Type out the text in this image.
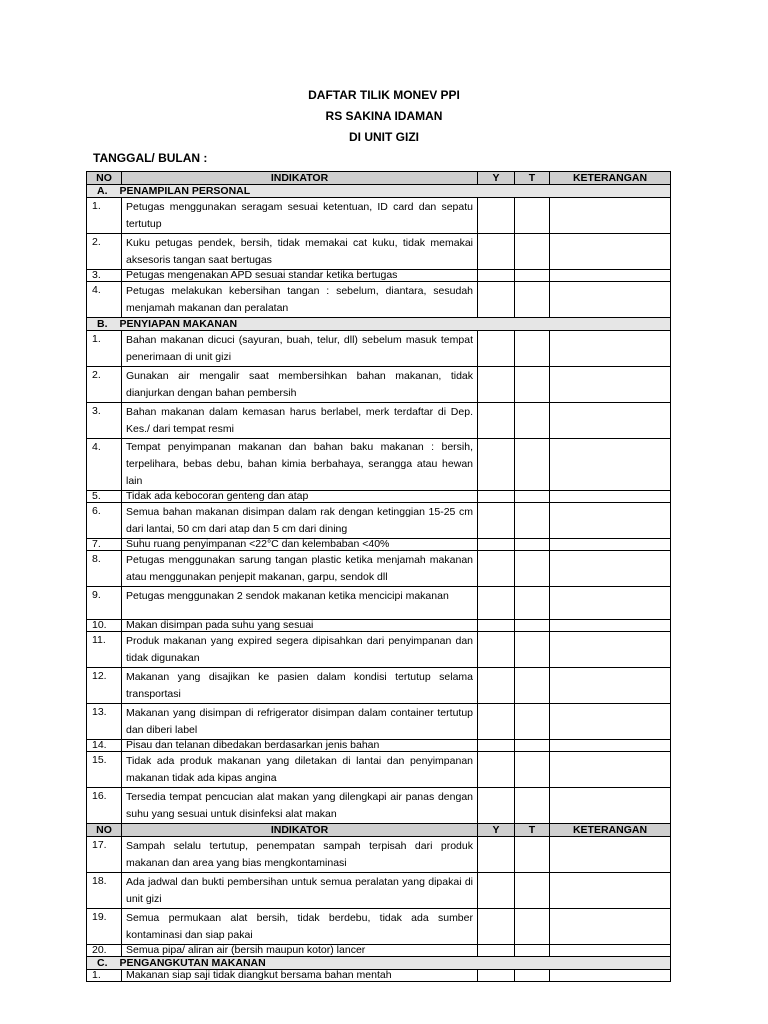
DAFTAR TILIK MONEV PPI
RS SAKINA IDAMAN
DI UNIT GIZI
TANGGAL/ BULAN :
NO	INDIKATOR	Y	T	KETERANGAN
A. PENAMPILAN PERSONAL				
1.	Petugas menggunakan seragam sesuai ketentuan, ID card dan sepatu tertutup			
2.	Kuku petugas pendek, bersih, tidak memakai cat kuku, tidak memakai aksesoris tangan saat bertugas			
3.	Petugas mengenakan APD sesuai standar ketika bertugas			
4.	Petugas melakukan kebersihan tangan : sebelum, diantara, sesudah menjamah makanan dan peralatan			
B. PENYIAPAN MAKANAN				
1.	Bahan makanan dicuci (sayuran, buah, telur, dll) sebelum masuk tempat penerimaan di unit gizi			
2.	Gunakan air mengalir saat membersihkan bahan makanan, tidak dianjurkan dengan bahan pembersih			
3.	Bahan makanan dalam kemasan harus berlabel, merk terdaftar di Dep. Kes./ dari tempat resmi			
4.	Tempat penyimpanan makanan dan bahan baku makanan : bersih, terpelihara, bebas debu, bahan kimia berbahaya, serangga atau hewan lain			
5.	Tidak ada kebocoran genteng dan atap			
6.	Semua bahan makanan disimpan dalam rak dengan ketinggian 15-25 cm dari lantai, 50 cm dari atap dan 5 cm dari dining			
7.	Suhu ruang penyimpanan <22°C dan kelembaban <40%			
8.	Petugas menggunakan sarung tangan plastic ketika menjamah makanan atau menggunakan penjepit makanan, garpu, sendok dll			
9.	Petugas menggunakan 2 sendok makanan ketika mencicipi makanan			
10.	Makan disimpan pada suhu yang sesuai			
11.	Produk makanan yang expired segera dipisahkan dari penyimpanan dan tidak digunakan			
12.	Makanan yang disajikan ke pasien dalam kondisi tertutup selama transportasi			
13.	Makanan yang disimpan di refrigerator disimpan dalam container tertutup dan diberi label			
14.	Pisau dan telanan dibedakan berdasarkan jenis bahan			
15.	Tidak ada produk makanan yang diletakan di lantai dan penyimpanan makanan tidak ada kipas angina			
16.	Tersedia tempat pencucian alat makan yang dilengkapi air panas dengan suhu yang sesuai untuk disinfeksi alat makan			
NO	INDIKATOR	Y	T	KETERANGAN
17.	Sampah selalu tertutup, penempatan sampah terpisah dari produk makanan dan area yang bias mengkontaminasi			
18.	Ada jadwal dan bukti pembersihan untuk semua peralatan yang dipakai di unit gizi			
19.	Semua permukaan alat bersih, tidak berdebu, tidak ada sumber kontaminasi dan siap pakai			
20.	Semua pipa/ aliran air (bersih maupun kotor) lancer			
C. PENGANGKUTAN MAKANAN				
1.	Makanan siap saji tidak diangkut bersama bahan mentah			
